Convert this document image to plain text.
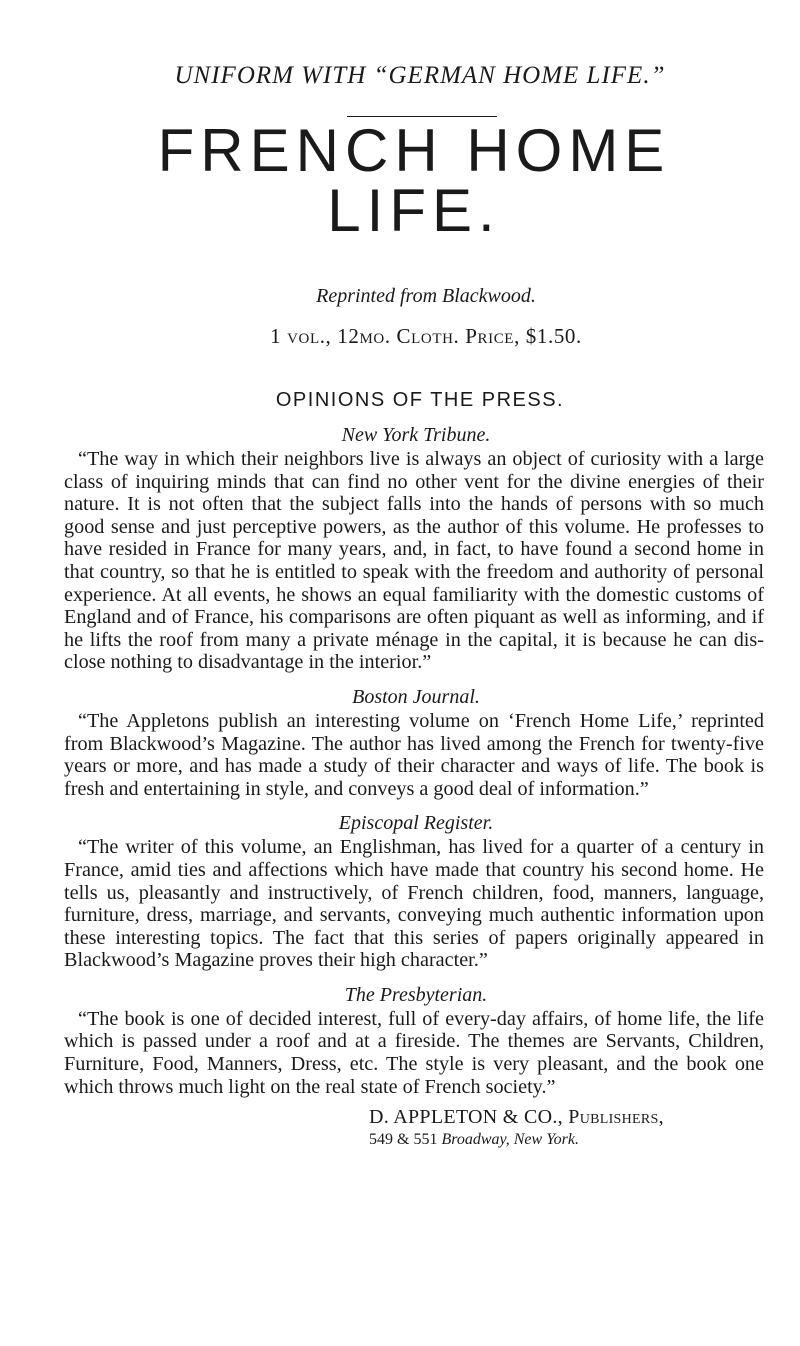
UNIFORM WITH “GERMAN HOME LIFE.”

FRENCH HOME LIFE.

Reprinted from Blackwood.

1 vol., 12mo. Cloth. Price, $1.50.

OPINIONS OF THE PRESS.

New York Tribune.

“The way in which their neighbors live is always an object of curiosity with a large class of inquiring minds that can find no other vent for the divine energies of their nature. It is not often that the subject falls into the hands of persons with so much good sense and just perceptive powers, as the author of this volume. He professes to have resided in France for many years, and, in fact, to have found a second home in that country, so that he is entitled to speak with the freedom and authority of personal experience. At all events, he shows an equal familiarity with the domestic customs of England and of France, his comparisons are often piquant as well as informing, and if he lifts the roof from many a private ménage in the capital, it is because he can disclose nothing to disadvantage in the interior.”

Boston Journal.

“The Appletons publish an interesting volume on ‘French Home Life,’ reprinted from Blackwood’s Magazine. The author has lived among the French for twenty-five years or more, and has made a study of their character and ways of life. The book is fresh and entertaining in style, and conveys a good deal of information.”

Episcopal Register.

“The writer of this volume, an Englishman, has lived for a quarter of a century in France, amid ties and affections which have made that country his second home. He tells us, pleasantly and instructively, of French children, food, manners, language, furniture, dress, marriage, and servants, conveying much authentic information upon these interesting topics. The fact that this series of papers originally appeared in Blackwood’s Magazine proves their high character.”

The Presbyterian.

“The book is one of decided interest, full of every-day affairs, of home life, the life which is passed under a roof and at a fireside. The themes are Servants, Children, Furniture, Food, Manners, Dress, etc. The style is very pleasant, and the book one which throws much light on the real state of French society.”

D. APPLETON & CO., Publishers,

549 & 551 Broadway, New York.
